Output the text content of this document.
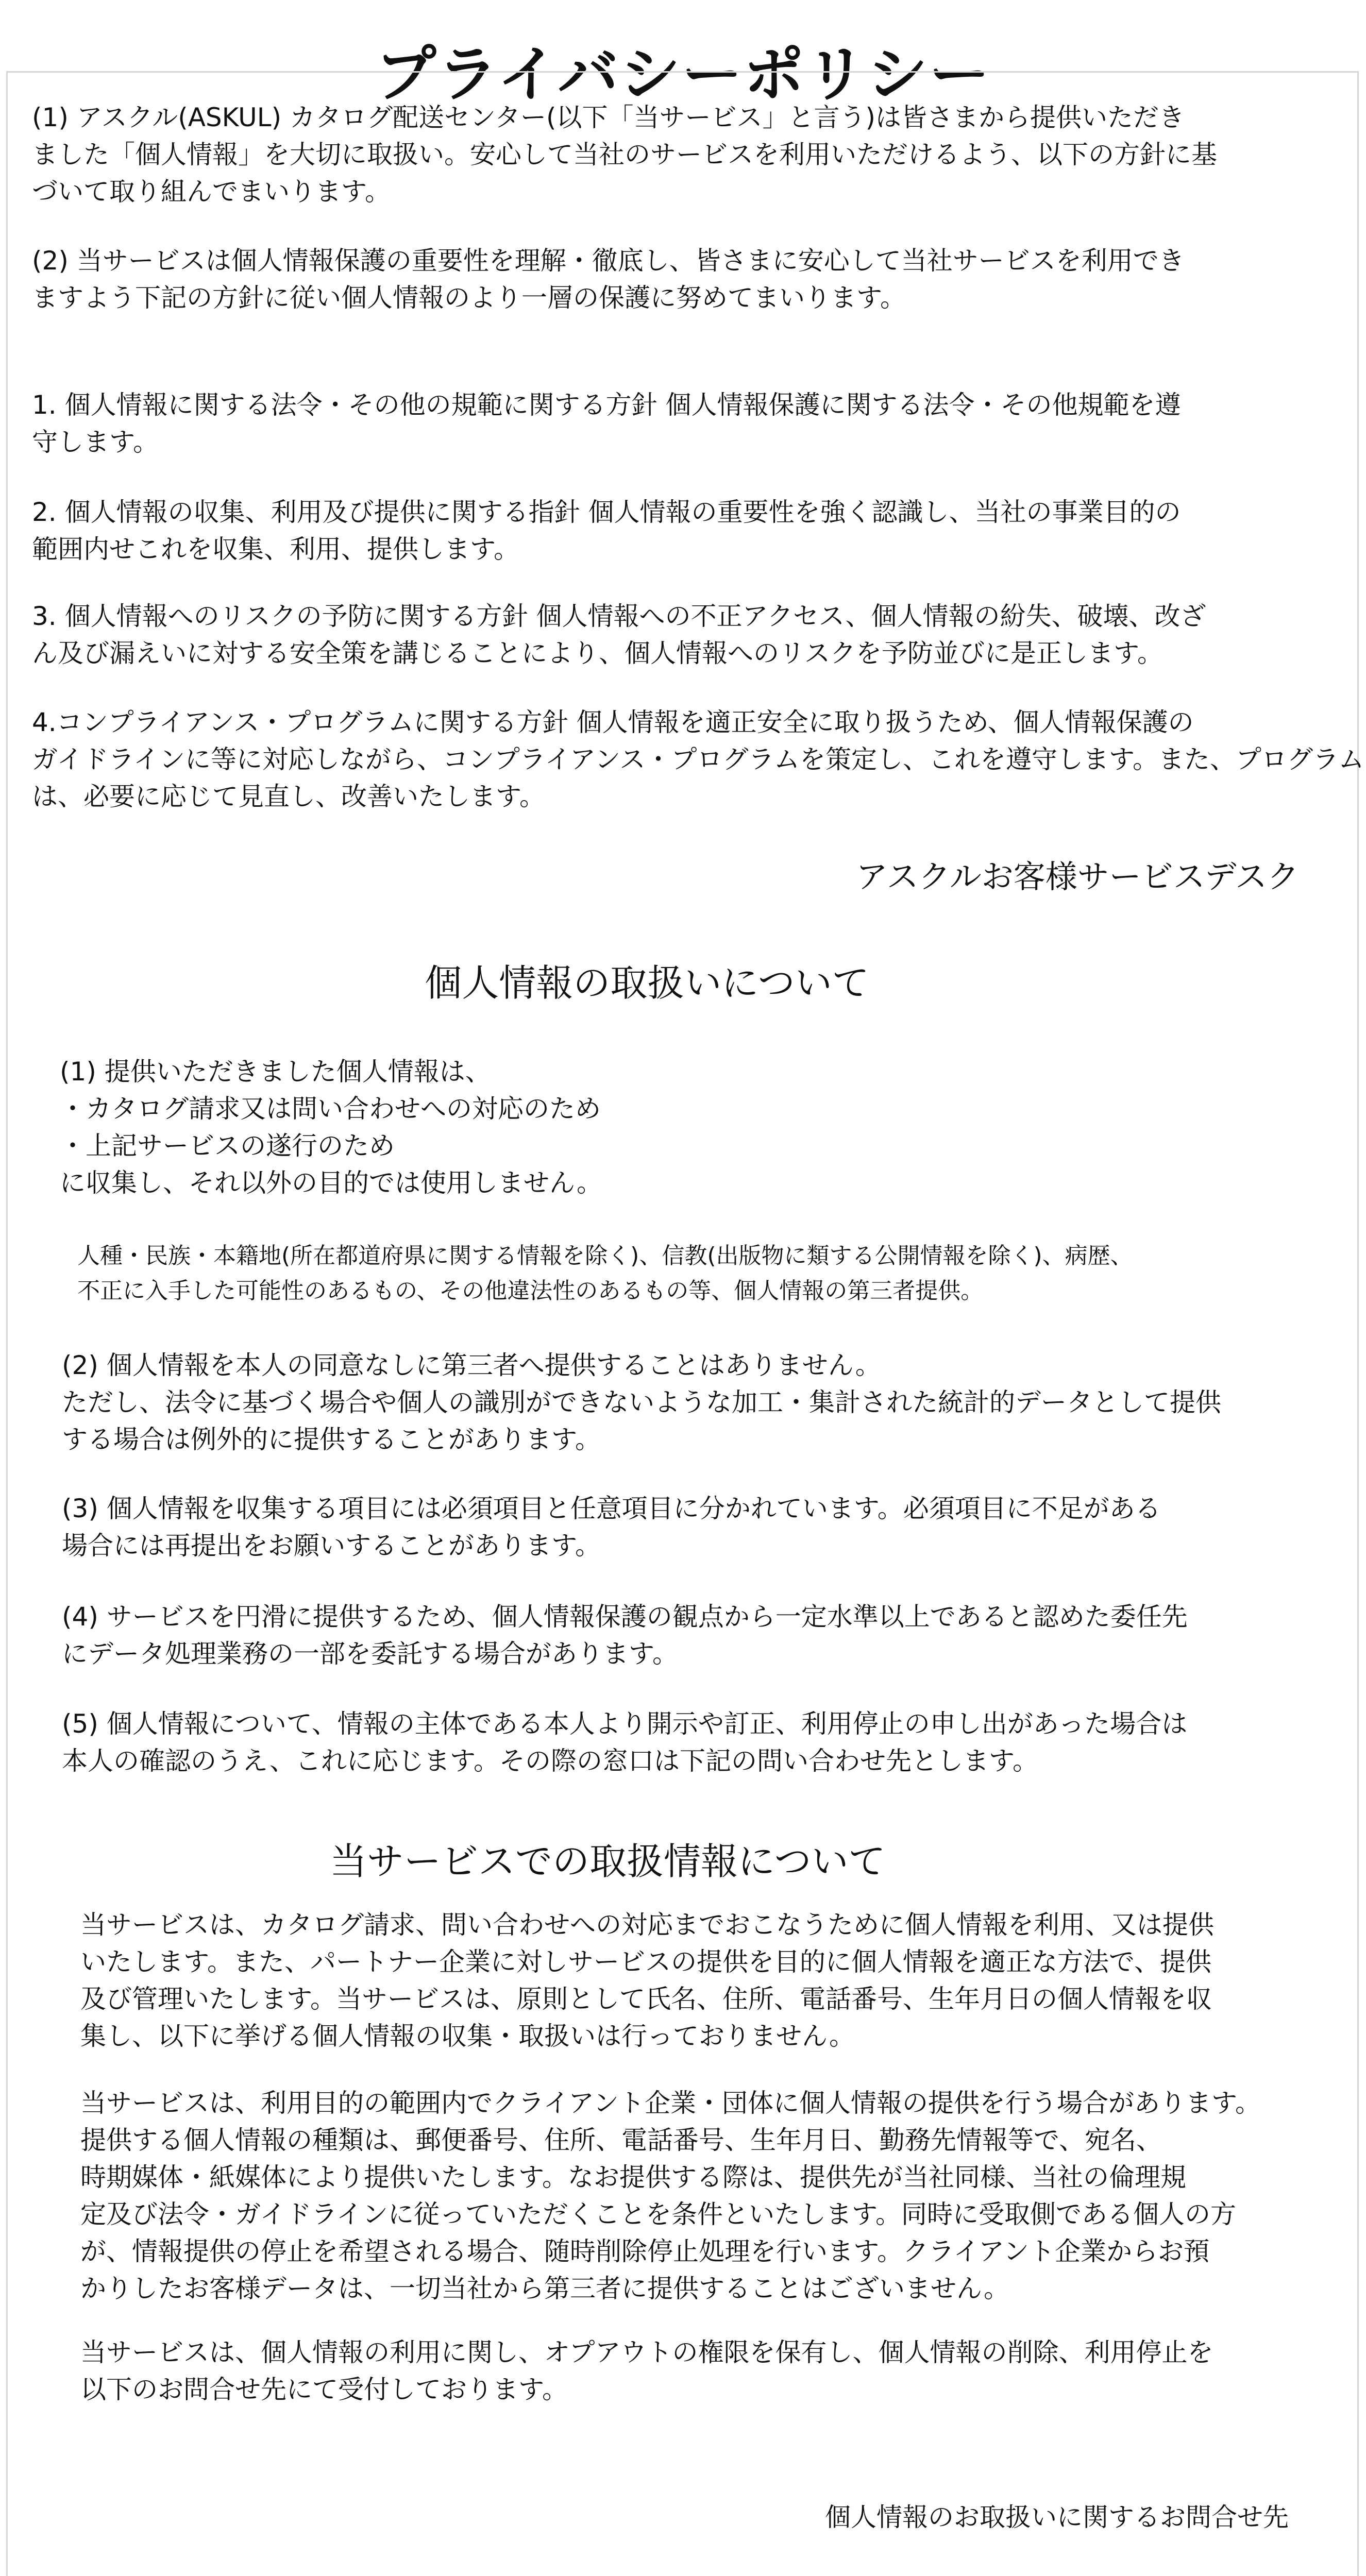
プライバシーポリシー

(1) アスクル(ASKUL) カタログ配送センター(以下「当サービス」と言う)は皆さまから提供いただき
ました「個人情報」を大切に取扱い。安心して当社のサービスを利用いただけるよう、以下の方針に基
づいて取り組んでまいります。

(2) 当サービスは個人情報保護の重要性を理解・徹底し、皆さまに安心して当社サービスを利用でき
ますよう下記の方針に従い個人情報のより一層の保護に努めてまいります。

1. 個人情報に関する法令・その他の規範に関する方針 個人情報保護に関する法令・その他規範を遵
守します。

2. 個人情報の収集、利用及び提供に関する指針 個人情報の重要性を強く認識し、当社の事業目的の
範囲内せこれを収集、利用、提供します。

3. 個人情報へのリスクの予防に関する方針 個人情報への不正アクセス、個人情報の紛失、破壊、改ざ
ん及び漏えいに対する安全策を講じることにより、個人情報へのリスクを予防並びに是正します。

4.コンプライアンス・プログラムに関する方針 個人情報を適正安全に取り扱うため、個人情報保護の
ガイドラインに等に対応しながら、コンプライアンス・プログラムを策定し、これを遵守します。また、プログラム
は、必要に応じて見直し、改善いたします。

アスクルお客様サービスデスク

個人情報の取扱いについて

(1) 提供いただきました個人情報は、
・カタログ請求又は問い合わせへの対応のため
・上記サービスの遂行のため
に収集し、それ以外の目的では使用しません。

人種・民族・本籍地(所在都道府県に関する情報を除く)、信教(出版物に類する公開情報を除く)、病歴、
不正に入手した可能性のあるもの、その他違法性のあるもの等、個人情報の第三者提供。

(2) 個人情報を本人の同意なしに第三者へ提供することはありません。
ただし、法令に基づく場合や個人の識別ができないような加工・集計された統計的データとして提供
する場合は例外的に提供することがあります。

(3) 個人情報を収集する項目には必須項目と任意項目に分かれています。必須項目に不足がある
場合には再提出をお願いすることがあります。

(4) サービスを円滑に提供するため、個人情報保護の観点から一定水準以上であると認めた委任先
にデータ処理業務の一部を委託する場合があります。

(5) 個人情報について、情報の主体である本人より開示や訂正、利用停止の申し出があった場合は
本人の確認のうえ、これに応じます。その際の窓口は下記の問い合わせ先とします。

当サービスでの取扱情報について

当サービスは、カタログ請求、問い合わせへの対応までおこなうために個人情報を利用、又は提供
いたします。また、パートナー企業に対しサービスの提供を目的に個人情報を適正な方法で、提供
及び管理いたします。当サービスは、原則として氏名、住所、電話番号、生年月日の個人情報を収
集し、以下に挙げる個人情報の収集・取扱いは行っておりません。

当サービスは、利用目的の範囲内でクライアント企業・団体に個人情報の提供を行う場合があります。
提供する個人情報の種類は、郵便番号、住所、電話番号、生年月日、勤務先情報等で、宛名、
時期媒体・紙媒体により提供いたします。なお提供する際は、提供先が当社同様、当社の倫理規
定及び法令・ガイドラインに従っていただくことを条件といたします。同時に受取側である個人の方
が、情報提供の停止を希望される場合、随時削除停止処理を行います。クライアント企業からお預
かりしたお客様データは、一切当社から第三者に提供することはございません。

当サービスは、個人情報の利用に関し、オプアウトの権限を保有し、個人情報の削除、利用停止を
以下のお問合せ先にて受付しております。

個人情報のお取扱いに関するお問合せ先
